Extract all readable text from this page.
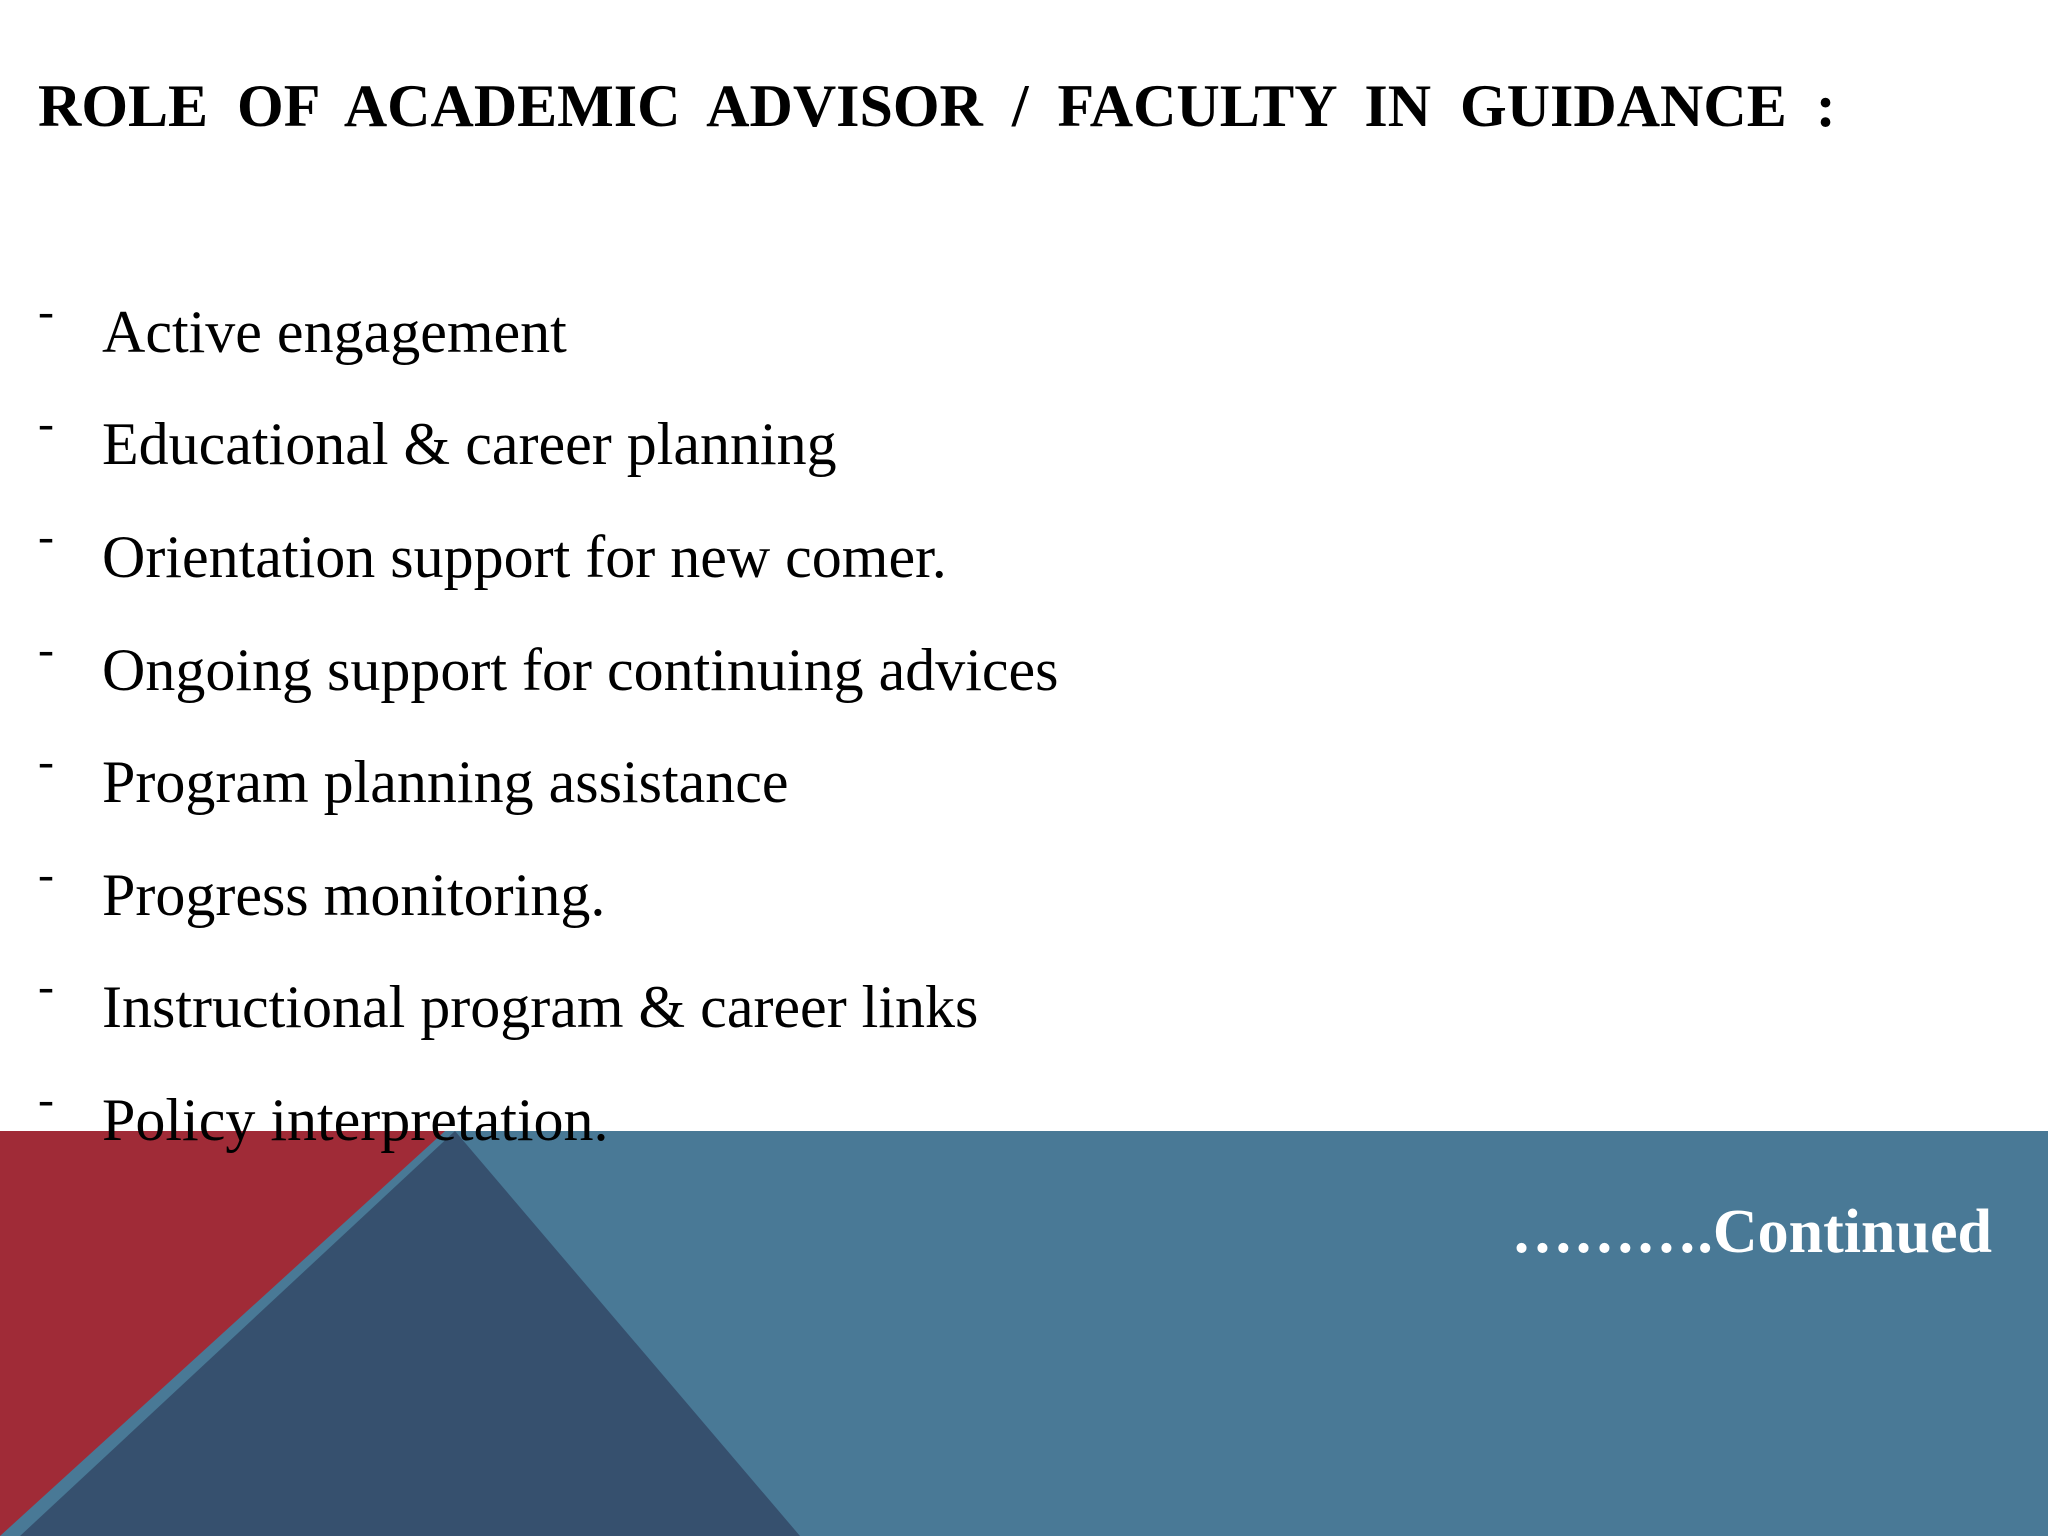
ROLE OF ACADEMIC ADVISOR / FACULTY IN GUIDANCE :
- Active engagement
- Educational & career planning
- Orientation support for new comer.
- Ongoing support for continuing advices
- Program planning assistance
- Progress monitoring.
- Instructional program & career links
- Policy interpretation.
……….Continued
